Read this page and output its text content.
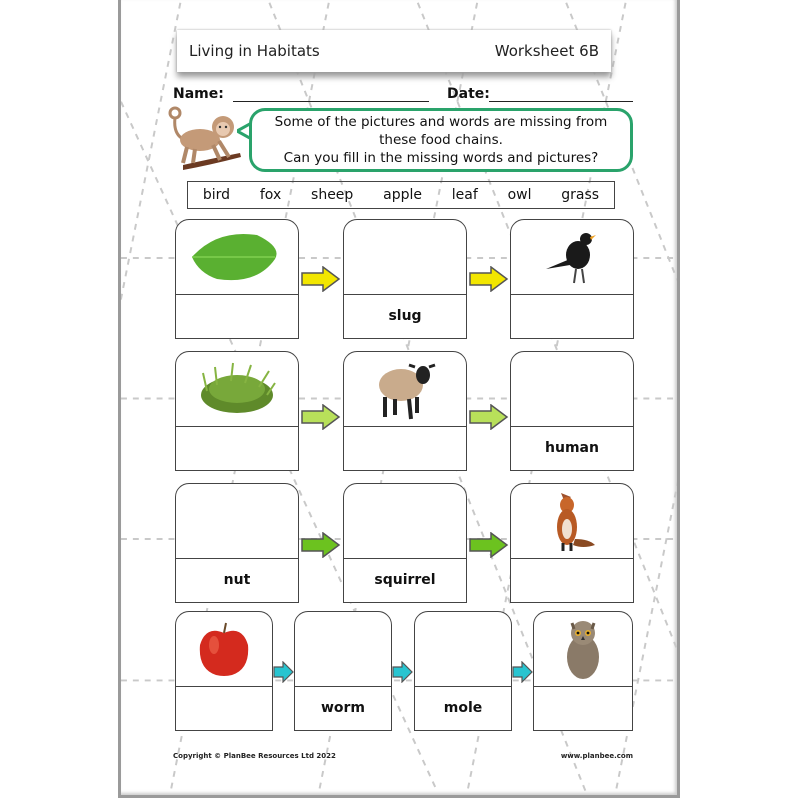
Living in Habitats	Worksheet 6B
Name:	Date:
Some of the pictures and words are missing from
these food chains.
Can you fill in the missing words and pictures?
bird fox sheep apple leaf owl grass
slug
human
nut	squirrel
worm	mole
Copyright © PlanBee Resources Ltd 2022	www.planbee.com
